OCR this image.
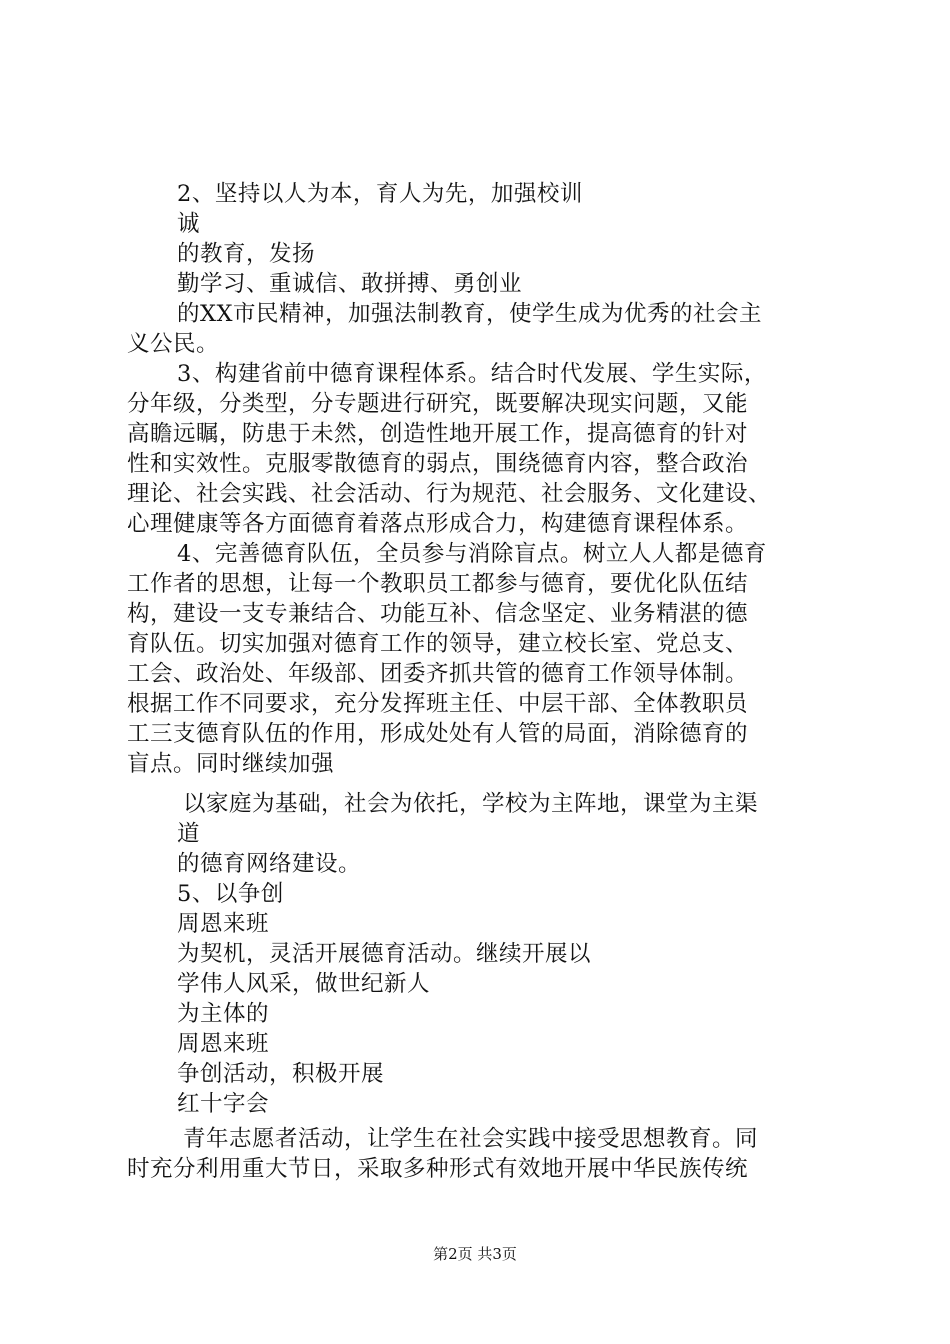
2、坚持以人为本，育人为先，加强校训
诚
的教育，发扬
勤学习、重诚信、敢拼搏、勇创业
的XX市民精神，加强法制教育，使学生成为优秀的社会主
义公民。
3、构建省前中德育课程体系。结合时代发展、学生实际，
分年级，分类型，分专题进行研究，既要解决现实问题，又能
高瞻远瞩，防患于未然，创造性地开展工作，提高德育的针对
性和实效性。克服零散德育的弱点，围绕德育内容，整合政治
理论、社会实践、社会活动、行为规范、社会服务、文化建设、
心理健康等各方面德育着落点形成合力，构建德育课程体系。
4、完善德育队伍，全员参与消除盲点。树立人人都是德育
工作者的思想，让每一个教职员工都参与德育，要优化队伍结
构，建设一支专兼结合、功能互补、信念坚定、业务精湛的德
育队伍。切实加强对德育工作的领导，建立校长室、党总支、
工会、政治处、年级部、团委齐抓共管的德育工作领导体制。
根据工作不同要求，充分发挥班主任、中层干部、全体教职员
工三支德育队伍的作用，形成处处有人管的局面，消除德育的
盲点。同时继续加强
以家庭为基础，社会为依托，学校为主阵地，课堂为主渠
道
的德育网络建设。
5、以争创
周恩来班
为契机，灵活开展德育活动。继续开展以
学伟人风采，做世纪新人
为主体的
周恩来班
争创活动，积极开展
红十字会
青年志愿者活动，让学生在社会实践中接受思想教育。同
时充分利用重大节日，采取多种形式有效地开展中华民族传统
第2页 共3页
